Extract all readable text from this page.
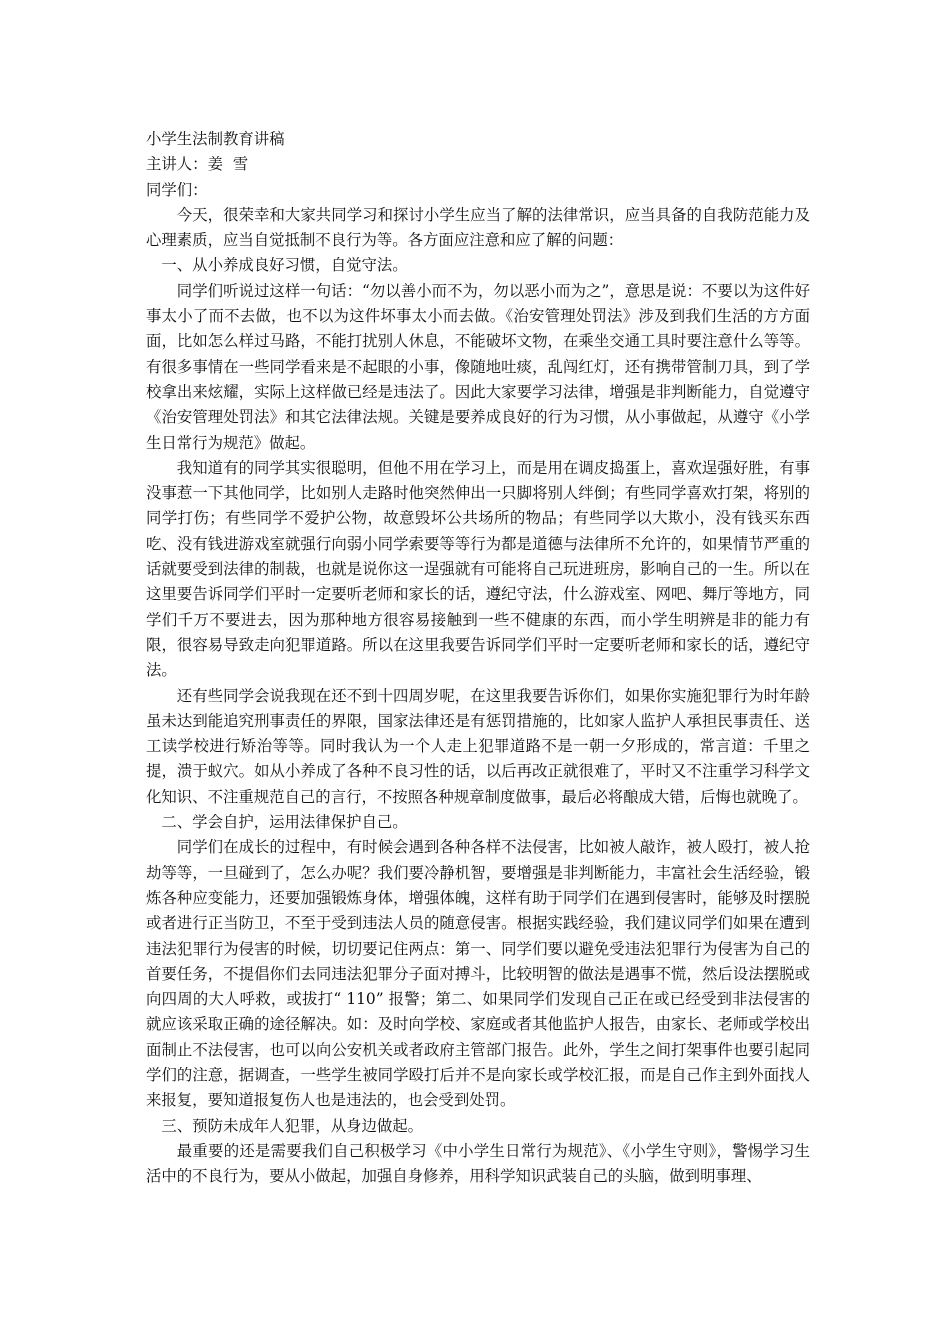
小学生法制教育讲稿

主讲人：姜  雪

同学们：

今天，很荣幸和大家共同学习和探讨小学生应当了解的法律常识，应当具备的自我防范能力及心理素质，应当自觉抵制不良行为等。各方面应注意和应了解的问题：

一、从小养成良好习惯，自觉守法。

同学们听说过这样一句话：“勿以善小而不为，勿以恶小而为之”，意思是说：不要以为这件好事太小了而不去做，也不以为这件坏事太小而去做。《治安管理处罚法》涉及到我们生活的方方面面，比如怎么样过马路，不能打扰别人休息，不能破坏文物，在乘坐交通工具时要注意什么等等。有很多事情在一些同学看来是不起眼的小事，像随地吐痰，乱闯红灯，还有携带管制刀具，到了学校拿出来炫耀，实际上这样做已经是违法了。因此大家要学习法律，增强是非判断能力，自觉遵守《治安管理处罚法》和其它法律法规。关键是要养成良好的行为习惯，从小事做起，从遵守《小学生日常行为规范》做起。

我知道有的同学其实很聪明，但他不用在学习上，而是用在调皮捣蛋上，喜欢逞强好胜，有事没事惹一下其他同学，比如别人走路时他突然伸出一只脚将别人绊倒；有些同学喜欢打架，将别的同学打伤；有些同学不爱护公物，故意毁坏公共场所的物品；有些同学以大欺小，没有钱买东西吃、没有钱进游戏室就强行向弱小同学索要等等行为都是道德与法律所不允许的，如果情节严重的话就要受到法律的制裁，也就是说你这一逞强就有可能将自己玩进班房，影响自己的一生。所以在这里要告诉同学们平时一定要听老师和家长的话，遵纪守法，什么游戏室、网吧、舞厅等地方，同学们千万不要进去，因为那种地方很容易接触到一些不健康的东西，而小学生明辨是非的能力有限，很容易导致走向犯罪道路。所以在这里我要告诉同学们平时一定要听老师和家长的话，遵纪守法。

还有些同学会说我现在还不到十四周岁呢，在这里我要告诉你们，如果你实施犯罪行为时年龄虽未达到能追究刑事责任的界限，国家法律还是有惩罚措施的，比如家人监护人承担民事责任、送工读学校进行矫治等等。同时我认为一个人走上犯罪道路不是一朝一夕形成的，常言道：千里之提，溃于蚁穴。如从小养成了各种不良习性的话，以后再改正就很难了，平时又不注重学习科学文化知识、不注重规范自己的言行，不按照各种规章制度做事，最后必将酿成大错，后悔也就晚了。

二、学会自护，运用法律保护自己。

同学们在成长的过程中，有时候会遇到各种各样不法侵害，比如被人敲诈，被人殴打，被人抢劫等等，一旦碰到了，怎么办呢？我们要冷静机智，要增强是非判断能力，丰富社会生活经验，锻炼各种应变能力，还要加强锻炼身体，增强体魄，这样有助于同学们在遇到侵害时，能够及时摆脱或者进行正当防卫，不至于受到违法人员的随意侵害。根据实践经验，我们建议同学们如果在遭到违法犯罪行为侵害的时候，切切要记住两点：第一、同学们要以避免受违法犯罪行为侵害为自己的首要任务，不提倡你们去同违法犯罪分子面对搏斗，比较明智的做法是遇事不慌，然后设法摆脱或向四周的大人呼救，或拔打“ 110” 报警；第二、如果同学们发现自己正在或已经受到非法侵害的就应该采取正确的途径解决。如：及时向学校、家庭或者其他监护人报告，由家长、老师或学校出面制止不法侵害，也可以向公安机关或者政府主管部门报告。此外，学生之间打架事件也要引起同学们的注意，据调查，一些学生被同学殴打后并不是向家长或学校汇报，而是自己作主到外面找人来报复，要知道报复伤人也是违法的，也会受到处罚。

三、预防未成年人犯罪，从身边做起。

最重要的还是需要我们自己积极学习《中小学生日常行为规范》、《小学生守则》，警惕学习生活中的不良行为，要从小做起，加强自身修养，用科学知识武装自己的头脑，做到明事理、
